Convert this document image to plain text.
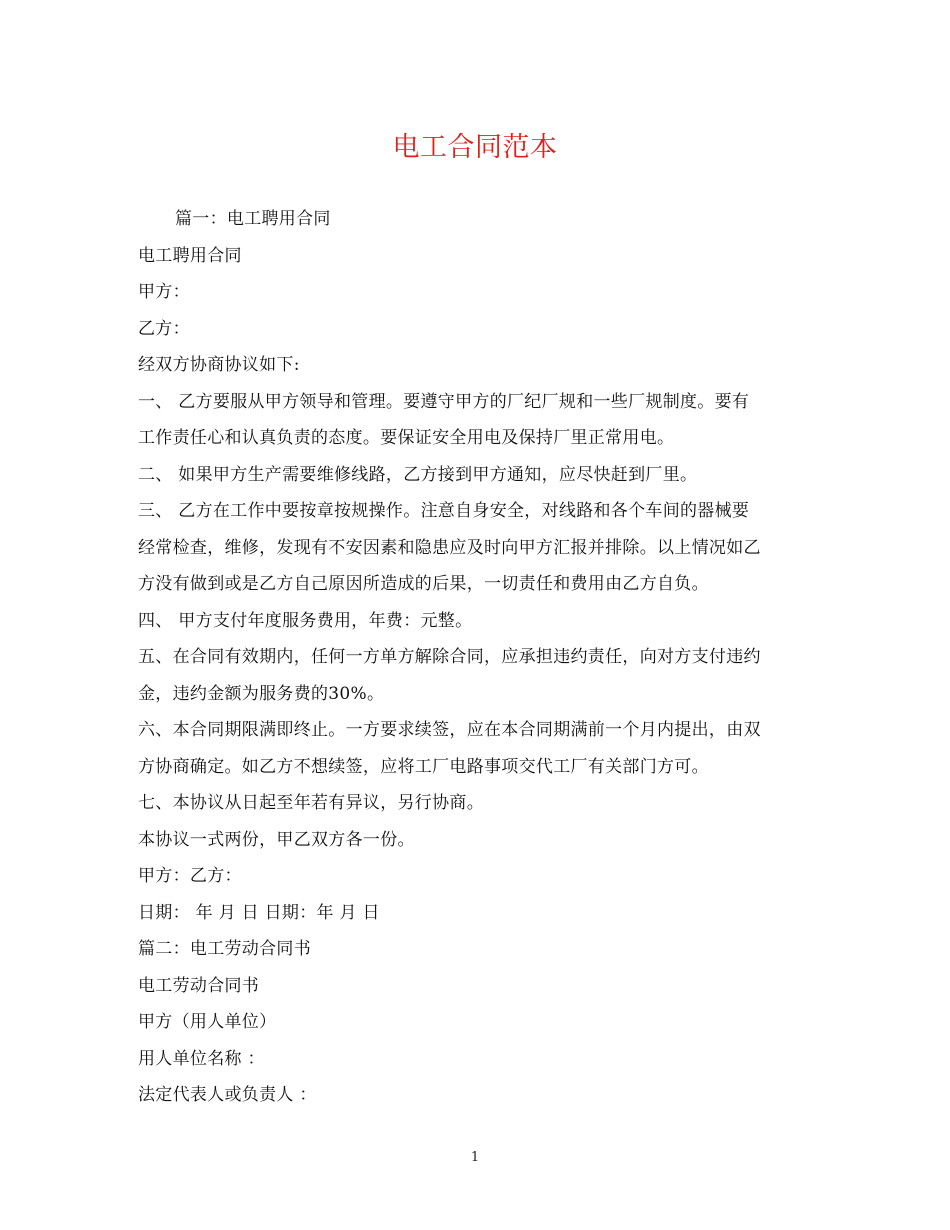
电工合同范本
篇一：电工聘用合同
电工聘用合同
甲方：
乙方：
经双方协商协议如下:
一、 乙方要服从甲方领导和管理。要遵守甲方的厂纪厂规和一些厂规制度。要有
工作责任心和认真负责的态度。要保证安全用电及保持厂里正常用电。
二、 如果甲方生产需要维修线路，乙方接到甲方通知，应尽快赶到厂里。
三、 乙方在工作中要按章按规操作。注意自身安全，对线路和各个车间的器械要
经常检查，维修，发现有不安因素和隐患应及时向甲方汇报并排除。以上情况如乙
方没有做到或是乙方自己原因所造成的后果，一切责任和费用由乙方自负。
四、 甲方支付年度服务费用，年费：元整。
五、在合同有效期内，任何一方单方解除合同，应承担违约责任，向对方支付违约
金，违约金额为服务费的30%。
六、本合同期限满即终止。一方要求续签，应在本合同期满前一个月内提出，由双
方协商确定。如乙方不想续签，应将工厂电路事项交代工厂有关部门方可。
七、本协议从日起至年若有异议，另行协商。
本协议一式两份，甲乙双方各一份。
甲方：乙方：
日期： 年 月 日 日期：年 月 日
篇二：电工劳动合同书
电工劳动合同书
甲方（用人单位）
用人单位名称 ：
法定代表人或负责人 ：
1
